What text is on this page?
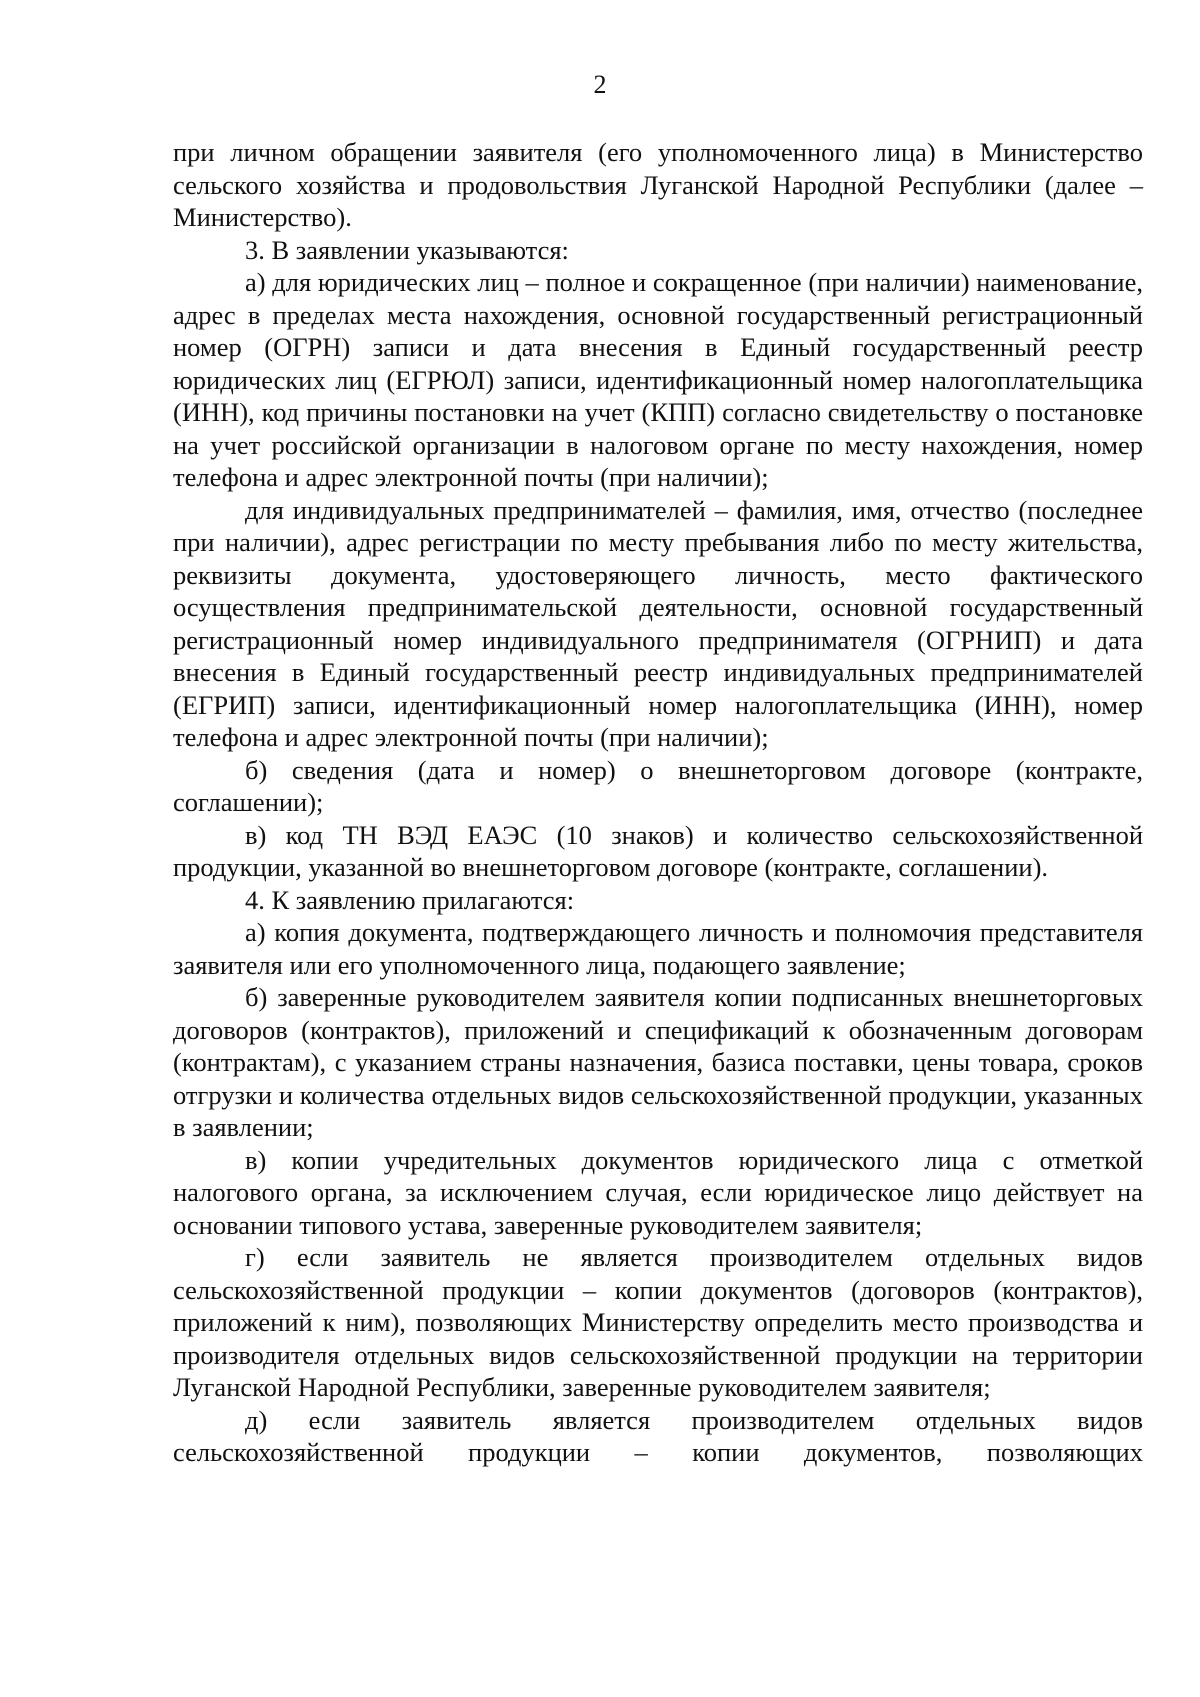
2

при личном обращении заявителя (его уполномоченного лица) в Министерство сельского хозяйства и продовольствия Луганской Народной Республики (далее – Министерство).

3. В заявлении указываются:

а) для юридических лиц – полное и сокращенное (при наличии) наименование, адрес в пределах места нахождения, основной государственный регистрационный номер (ОГРН) записи и дата внесения в Единый государственный реестр юридических лиц (ЕГРЮЛ) записи, идентификационный номер налогоплательщика (ИНН), код причины постановки на учет (КПП) согласно свидетельству о постановке на учет российской организации в налоговом органе по месту нахождения, номер телефона и адрес электронной почты (при наличии);

для индивидуальных предпринимателей – фамилия, имя, отчество (последнее при наличии), адрес регистрации по месту пребывания либо по месту жительства, реквизиты документа, удостоверяющего личность, место фактического осуществления предпринимательской деятельности, основной государственный регистрационный номер индивидуального предпринимателя (ОГРНИП) и дата внесения в Единый государственный реестр индивидуальных предпринимателей (ЕГРИП) записи, идентификационный номер налогоплательщика (ИНН), номер телефона и адрес электронной почты (при наличии);

б) сведения (дата и номер) о внешнеторговом договоре (контракте, соглашении);

в) код ТН ВЭД ЕАЭС (10 знаков) и количество сельскохозяйственной продукции, указанной во внешнеторговом договоре (контракте, соглашении).

4. К заявлению прилагаются:

а) копия документа, подтверждающего личность и полномочия представителя заявителя или его уполномоченного лица, подающего заявление;

б) заверенные руководителем заявителя копии подписанных внешнеторговых договоров (контрактов), приложений и спецификаций к обозначенным договорам (контрактам), с указанием страны назначения, базиса поставки, цены товара, сроков отгрузки и количества отдельных видов сельскохозяйственной продукции, указанных в заявлении;

в) копии учредительных документов юридического лица с отметкой налогового органа, за исключением случая, если юридическое лицо действует на основании типового устава, заверенные руководителем заявителя;

г) если заявитель не является производителем отдельных видов сельскохозяйственной продукции – копии документов (договоров (контрактов), приложений к ним), позволяющих Министерству определить место производства и производителя отдельных видов сельскохозяйственной продукции на территории Луганской Народной Республики, заверенные руководителем заявителя;

д) если заявитель является производителем отдельных видов сельскохозяйственной продукции – копии документов, позволяющих
